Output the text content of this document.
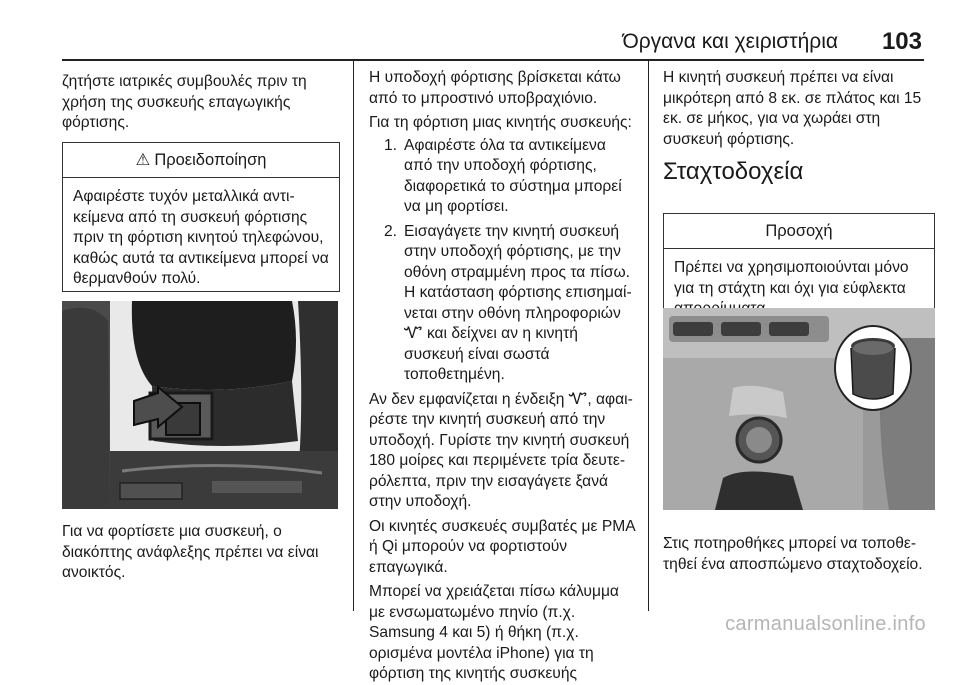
Όργανα και χειριστήρια 103

ζητήστε ιατρικές συμβουλές πριν τη χρήση της συσκευής επαγωγικής φόρτισης.

⚠ Προειδοποίηση
Αφαιρέστε τυχόν μεταλλικά αντικείμενα από τη συσκευή φόρτισης πριν τη φόρτιση κινητού τηλεφώνου, καθώς αυτά τα αντικείμενα μπορεί να θερμανθούν πολύ.

Για να φορτίσετε μια συσκευή, ο διακόπτης ανάφλεξης πρέπει να είναι ανοικτός.

Η υποδοχή φόρτισης βρίσκεται κάτω από το μπροστινό υποβραχιόνιο.

Για τη φόρτιση μιας κινητής συσκευής:

1. Αφαιρέστε όλα τα αντικείμενα από την υποδοχή φόρτισης, διαφορετικά το σύστημα μπορεί να μη φορτίσει.
2. Εισαγάγετε την κινητή συσκευή στην υποδοχή φόρτισης, με την οθόνη στραμμένη προς τα πίσω. Η κατάσταση φόρτισης επισημαίνεται στην οθόνη πληροφοριών Ꮙ και δείχνει αν η κινητή συσκευή είναι σωστά τοποθετημένη.

Αν δεν εμφανίζεται η ένδειξη Ꮙ, αφαιρέστε την κινητή συσκευή από την υποδοχή. Γυρίστε την κινητή συσκευή 180 μοίρες και περιμένετε τρία δευτερόλεπτα, πριν την εισαγάγετε ξανά στην υποδοχή.

Οι κινητές συσκευές συμβατές με PMA ή Qi μπορούν να φορτιστούν επαγωγικά.

Μπορεί να χρειάζεται πίσω κάλυμμα με ενσωματωμένο πηνίο (π.χ. Samsung 4 και 5) ή θήκη (π.χ. ορισμένα μοντέλα iPhone) για τη φόρτιση της κινητής συσκευής

Η κινητή συσκευή πρέπει να είναι μικρότερη από 8 εκ. σε πλάτος και 15 εκ. σε μήκος, για να χωράει στη συσκευή φόρτισης.

Σταχτοδοχεία
Προσοχή
Πρέπει να χρησιμοποιούνται μόνο για τη στάχτη και όχι για εύφλεκτα

Στις ποτηροθήκες μπορεί να τοποθετηθεί ένα αποσπώμενο σταχτοδοχείο.

carmanualsonline.info
